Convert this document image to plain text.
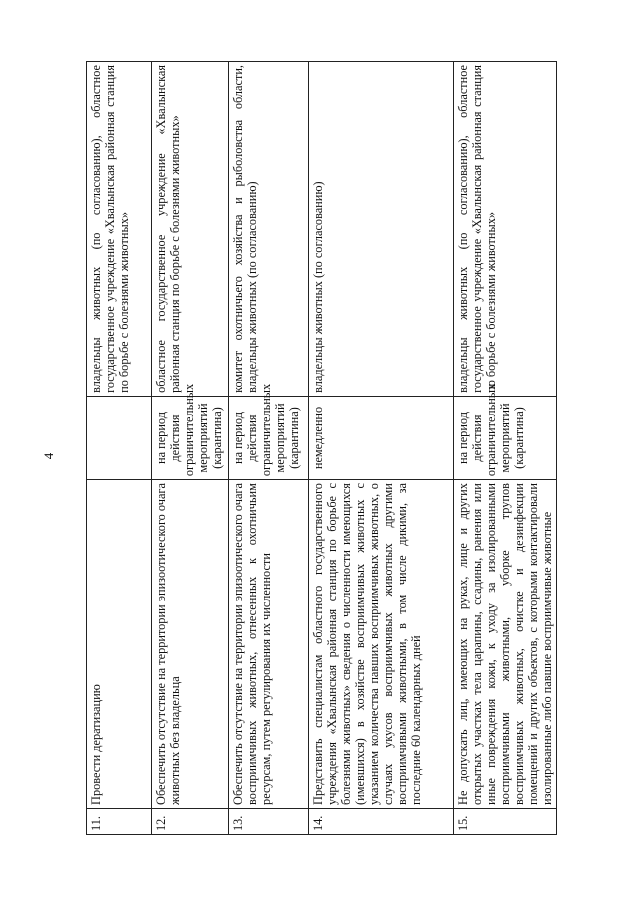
4
11.	Провести дератизацию		владельцы животных (по согласованию), областное государственное учреждение «Хвалынская районная станция по борьбе с болезнями животных»
12.	Обеспечить отсутствие на территории эпизоотического очага животных без владельца	на период действия ограничительных мероприятий (карантина)	областное государственное учреждение «Хвалынская районная станция по борьбе с болезнями животных»
13.	Обеспечить отсутствие на территории эпизоотического очага восприимчивых животных, отнесенных к охотничьим ресурсам, путем регулирования их численности	на период действия ограничительных мероприятий (карантина)	комитет охотничьего хозяйства и рыболовства области, владельцы животных (по согласованию)
14.	Представить специалистам областного государственного учреждения «Хвалынская районная станция по борьбе с болезнями животных» сведения о численности имеющихся (имевшихся) в хозяйстве восприимчивых животных с указанием количества павших восприимчивых животных, о случаях укусов восприимчивых животных другими восприимчивыми животными, в том числе дикими, за последние 60 календарных дней	немедленно	владельцы животных (по согласованию)
15.	Не допускать лиц, имеющих на руках, лице и других открытых участках тела царапины, ссадины, ранения или иные повреждения кожи, к уходу за изолированными восприимчивыми животными, уборке трупов восприимчивых животных, очистке и дезинфекции помещений и других объектов, с которыми контактировали изолированные либо павшие восприимчивые животные	на период действия ограничительных мероприятий (карантина)	владельцы животных (по согласованию), областное государственное учреждение «Хвалынская районная станция по борьбе с болезнями животных»
